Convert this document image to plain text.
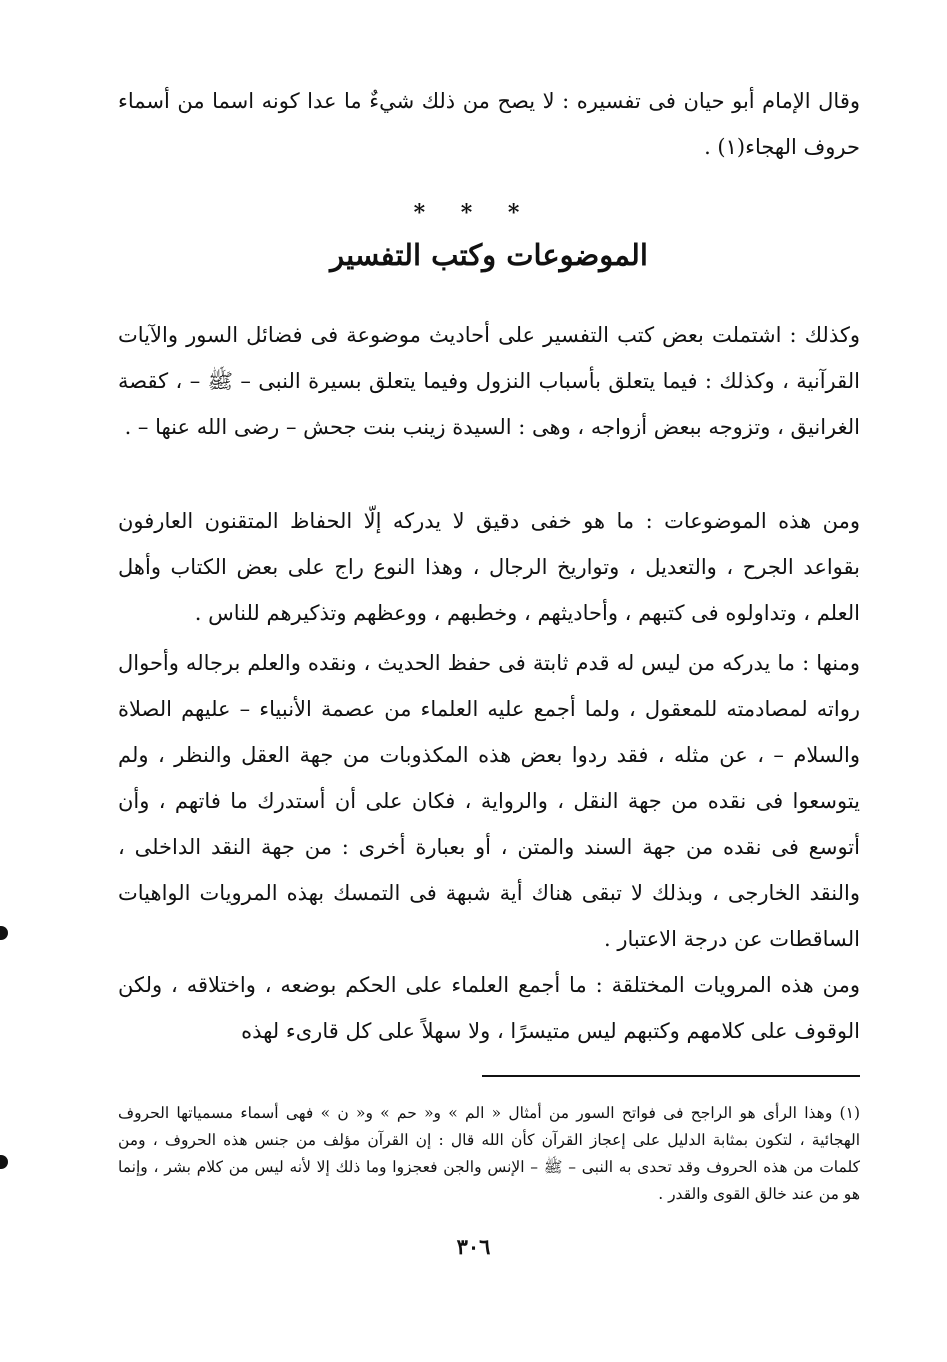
وقال الإمام أبو حيان فى تفسيره : لا يصح من ذلك شيءٌ ما عدا كونه اسما من أسماء حروف الهجاء(١) .

* * *
الموضوعات وكتب التفسير

وكذلك : اشتملت بعض كتب التفسير على أحاديث موضوعة فى فضائل السور والآيات القرآنية ، وكذلك : فيما يتعلق بأسباب النزول وفيما يتعلق بسيرة النبى – ﷺ – ، كقصة الغرانيق ، وتزوجه ببعض أزواجه ، وهى : السيدة زينب بنت جحش – رضى الله عنها – .

ومن هذه الموضوعات : ما هو خفى دقيق لا يدركه إلّا الحفاظ المتقنون العارفون بقواعد الجرح ، والتعديل ، وتواريخ الرجال ، وهذا النوع راج على بعض الكتاب وأهل العلم ، وتداولوه فى كتبهم ، وأحاديثهم ، وخطبهم ، ووعظهم وتذكيرهم للناس .

ومنها : ما يدركه من ليس له قدم ثابتة فى حفظ الحديث ، ونقده والعلم برجاله وأحوال رواته لمصادمته للمعقول ، ولما أجمع عليه العلماء من عصمة الأنبياء – عليهم الصلاة والسلام – ، عن مثله ، فقد ردوا بعض هذه المكذوبات من جهة العقل والنظر ، ولم يتوسعوا فى نقده من جهة النقل ، والرواية ، فكان على أن أستدرك ما فاتهم ، وأن أتوسع فى نقده من جهة السند والمتن ، أو بعبارة أخرى : من جهة النقد الداخلى ، والنقد الخارجى ، وبذلك لا تبقى هناك أية شبهة فى التمسك بهذه المرويات الواهيات الساقطات عن درجة الاعتبار .

ومن هذه المرويات المختلقة : ما أجمع العلماء على الحكم بوضعه ، واختلاقه ، ولكن الوقوف على كلامهم وكتبهم ليس متيسرًا ، ولا سهلاً على كل قارىء لهذه

(١) وهذا الرأى هو الراجح فى فواتح السور من أمثال « الم » و« حم » و« ن » فهى أسماء مسمياتها الحروف الهجائية ، لتكون بمثابة الدليل على إعجاز القرآن كأن الله قال : إن القرآن مؤلف من جنس هذه الحروف ، ومن كلمات من هذه الحروف وقد تحدى به النبى – ﷺ – الإنس والجن فعجزوا وما ذلك إلا لأنه ليس من كلام بشر ، وإنما هو من عند خالق القوى والقدر .

٣٠٦
